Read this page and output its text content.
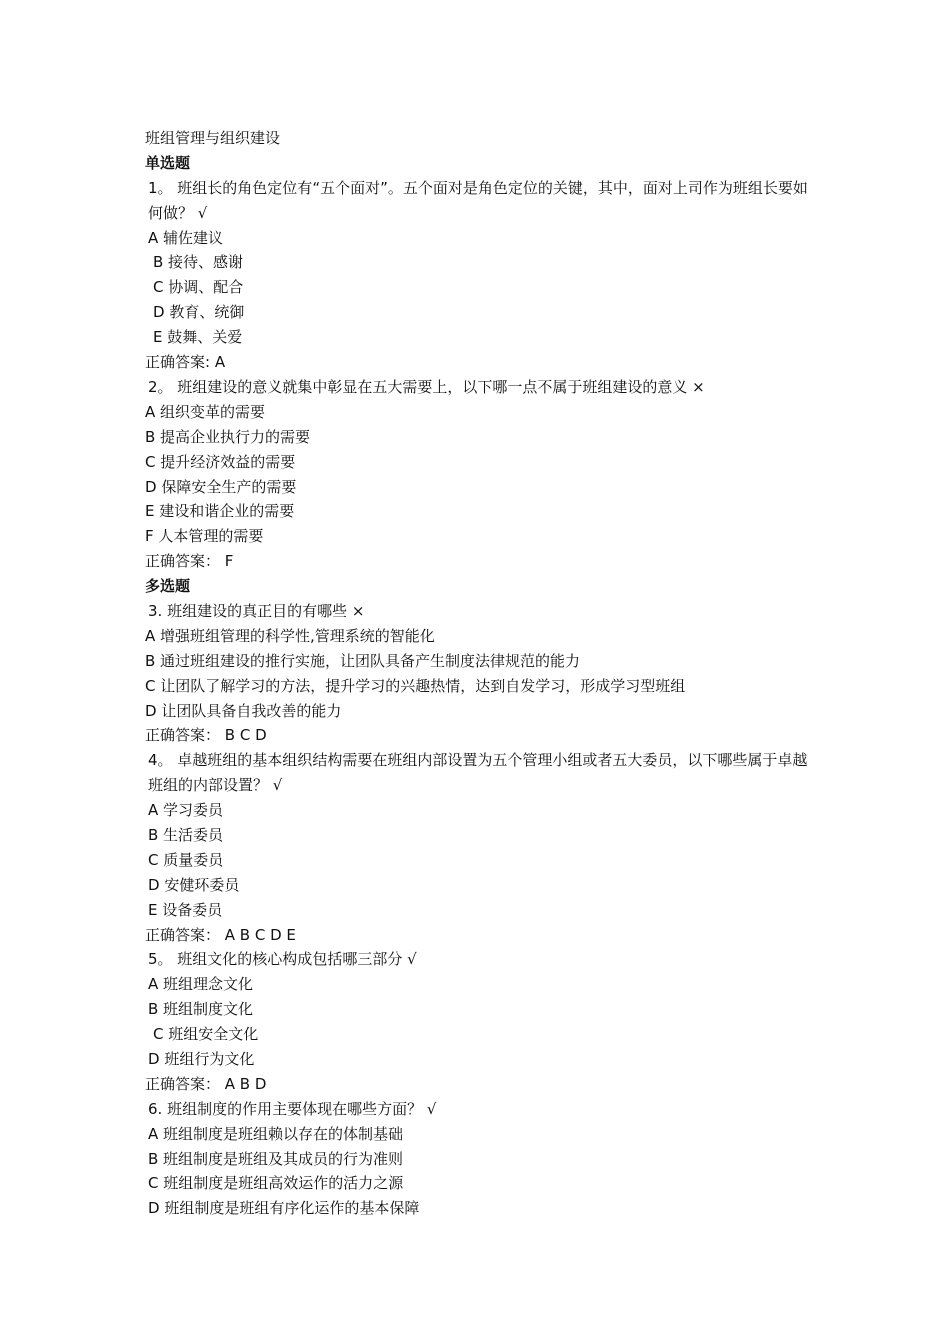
班组管理与组织建设
单选题
1。 班组长的角色定位有“五个面对”。五个面对是角色定位的关键，其中，面对上司作为班组长要如何做？ √
A 辅佐建议
B 接待、感谢
C 协调、配合
D 教育、统御
E 鼓舞、关爱
正确答案: A
2。 班组建设的意义就集中彰显在五大需要上，以下哪一点不属于班组建设的意义 ×
A 组织变革的需要
B 提高企业执行力的需要
C 提升经济效益的需要
D 保障安全生产的需要
E 建设和谐企业的需要
F 人本管理的需要
正确答案： F
多选题
3. 班组建设的真正目的有哪些 ×
A 增强班组管理的科学性,管理系统的智能化
B 通过班组建设的推行实施，让团队具备产生制度法律规范的能力
C 让团队了解学习的方法，提升学习的兴趣热情，达到自发学习，形成学习型班组
D 让团队具备自我改善的能力
正确答案： B C D
4。 卓越班组的基本组织结构需要在班组内部设置为五个管理小组或者五大委员，以下哪些属于卓越班组的内部设置？ √
A 学习委员
B 生活委员
C 质量委员
D 安健环委员
E 设备委员
正确答案： A B C D E
5。 班组文化的核心构成包括哪三部分 √
A 班组理念文化
B 班组制度文化
C 班组安全文化
D 班组行为文化
正确答案： A B D
6. 班组制度的作用主要体现在哪些方面？ √
A 班组制度是班组赖以存在的体制基础
B 班组制度是班组及其成员的行为准则
C 班组制度是班组高效运作的活力之源
D 班组制度是班组有序化运作的基本保障
